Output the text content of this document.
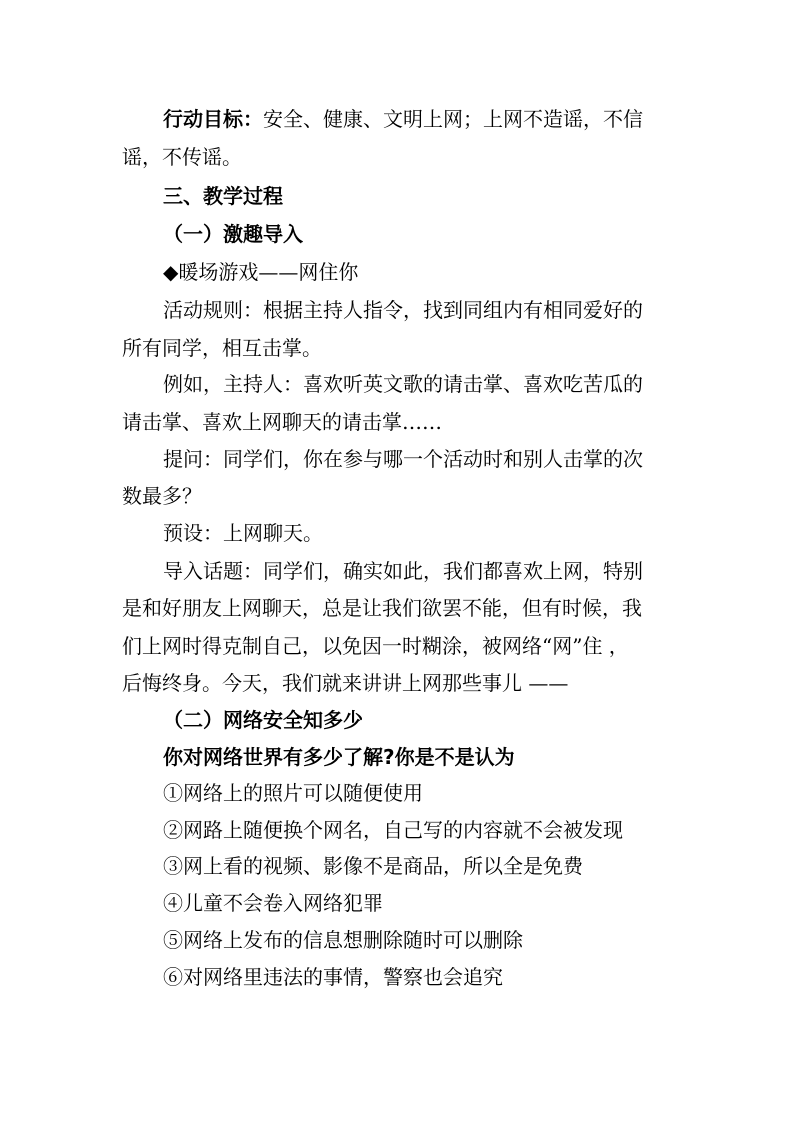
行动目标：安全、健康、文明上网；上网不造谣，不信
谣，不传谣。
三、教学过程
（一）激趣导入
◆暖场游戏——网住你
活动规则：根据主持人指令，找到同组内有相同爱好的
所有同学，相互击掌。
例如，主持人：喜欢听英文歌的请击掌、喜欢吃苦瓜的
请击掌、喜欢上网聊天的请击掌……
提问：同学们，你在参与哪一个活动时和别人击掌的次
数最多？
预设：上网聊天。
导入话题：同学们，确实如此，我们都喜欢上网，特别
是和好朋友上网聊天，总是让我们欲罢不能，但有时候，我
们上网时得克制自己，以免因一时糊涂，被网络“网”住 ，
后悔终身。今天，我们就来讲讲上网那些事儿 ——
（二）网络安全知多少
你对网络世界有多少了解?你是不是认为
①网络上的照片可以随便使用
②网路上随便换个网名，自己写的内容就不会被发现
③网上看的视频、影像不是商品，所以全是免费
④儿童不会卷入网络犯罪
⑤网络上发布的信息想删除随时可以删除
⑥对网络里违法的事情，警察也会追究
